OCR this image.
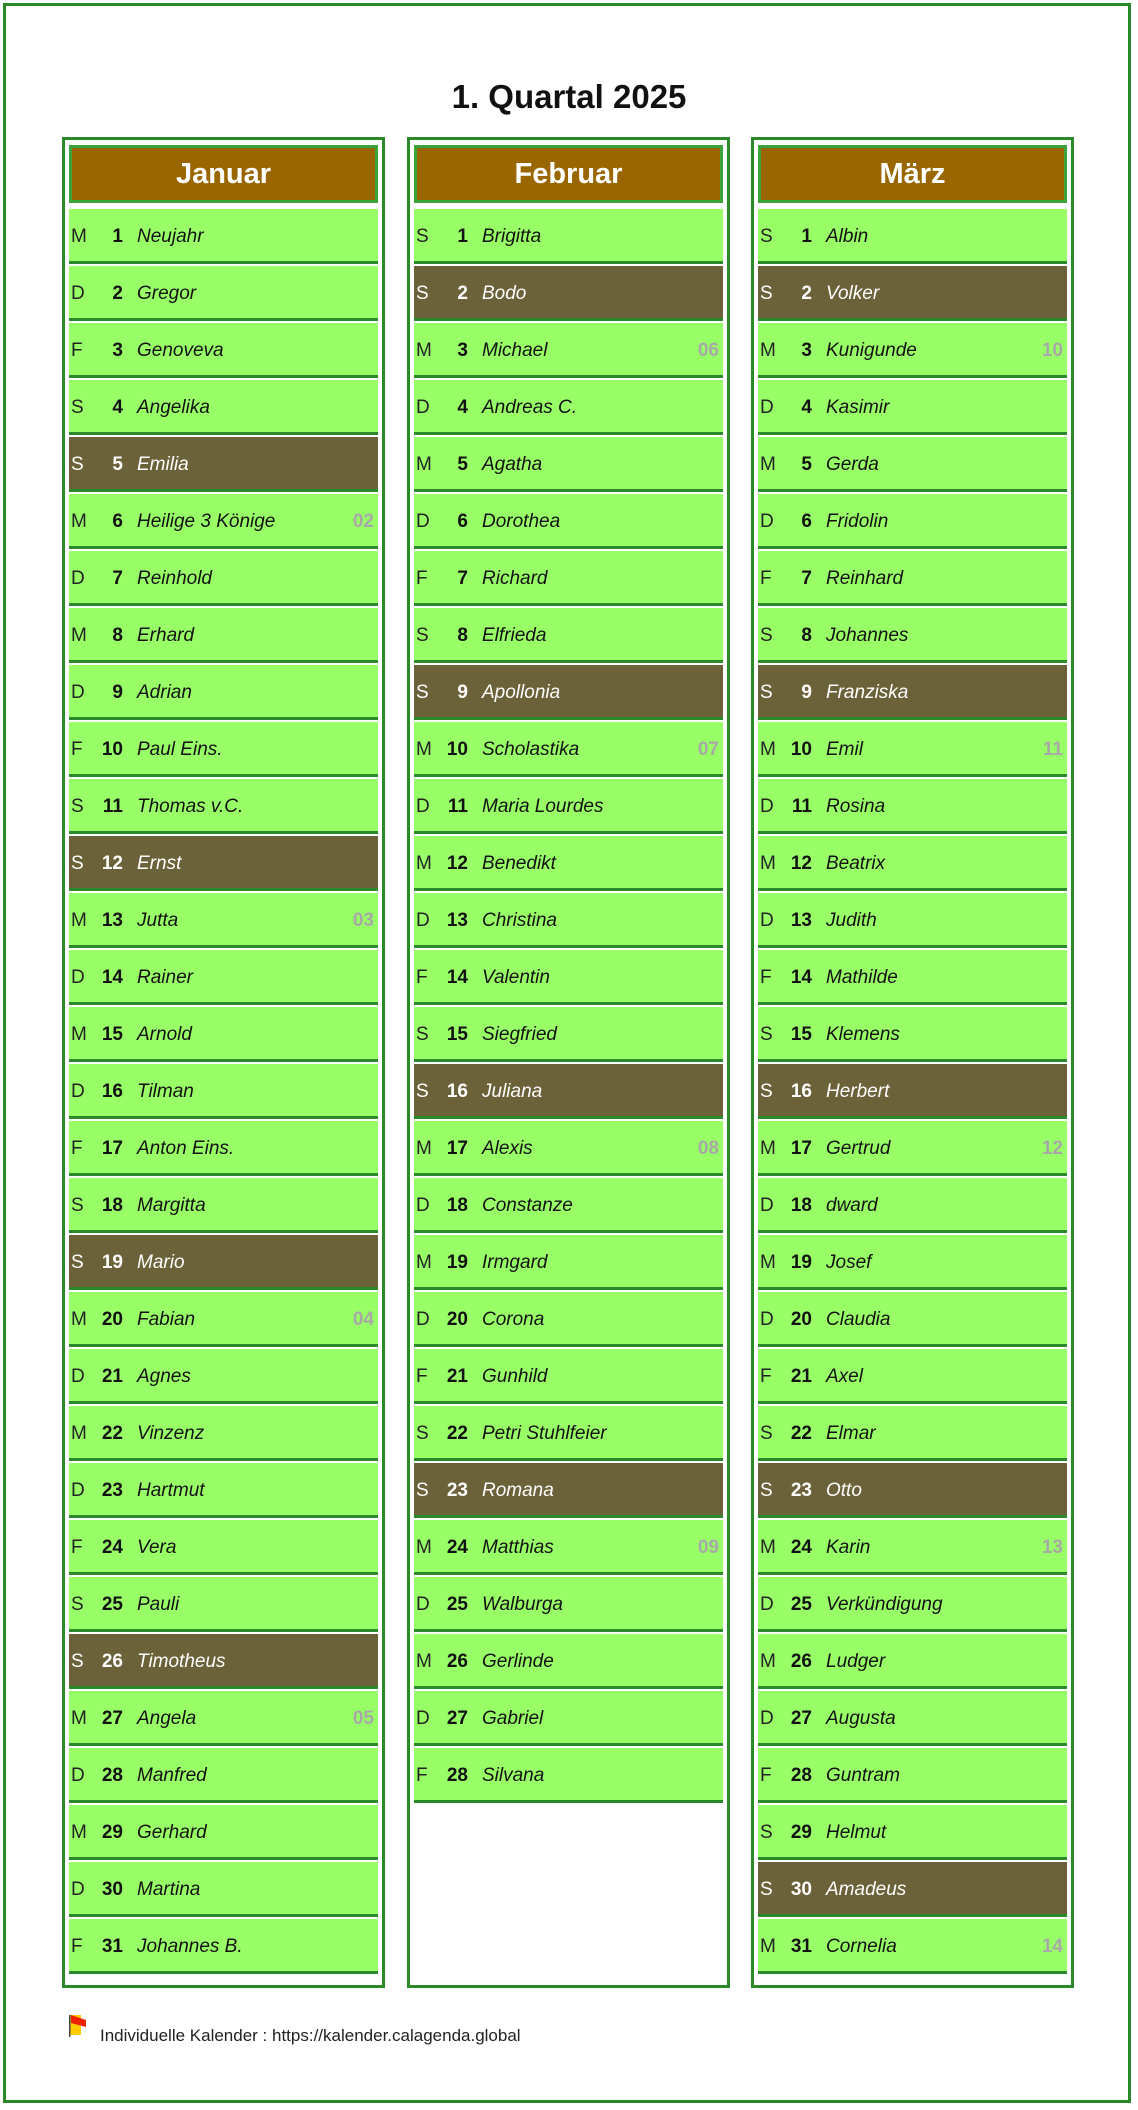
1. Quartal 2025
Januar
M	1 Neujahr
D	2 Gregor
F	3 Genoveva
S	4 Angelika
S	5 Emilia
M	6 Heilige 3 Könige	02
D	7 Reinhold
M	8 Erhard
D	9 Adrian
F 10 Paul Eins.
S	11 Thomas v.C.
S 12 Ernst
M 13 Jutta	03
D 14 Rainer
M 15 Arnold
D 16 Tilman
F 17 Anton Eins.
S 18 Margitta
S 19 Mario
M 20 Fabian	04
D 21 Agnes
M 22 Vinzenz
D 23 Hartmut
F 24 Vera
S 25 Pauli
S 26 Timotheus
M 27 Angela	05
D 28 Manfred
M 29 Gerhard
D 30 Martina
F 31 Johannes B.
Februar
S	1 Brigitta
S	2 Bodo
M	3 Michael	06
D	4 Andreas C.
M	5 Agatha
D	6 Dorothea
F	7 Richard
S	8 Elfrieda
S	9 Apollonia
M 10 Scholastika	07
D 11 Maria Lourdes
M 12 Benedikt
D 13 Christina
F 14 Valentin
S 15 Siegfried
S 16 Juliana
M 17 Alexis	08
D 18 Constanze
M 19 Irmgard
D 20 Corona
F 21 Gunhild
S 22 Petri Stuhlfeier
S 23 Romana
M 24 Matthias	09
D 25 Walburga
M 26 Gerlinde
D 27 Gabriel
F 28 Silvana
März
S	1 Albin
S	2 Volker
M	3 Kunigunde	10
D	4 Kasimir
M	5 Gerda
D	6 Fridolin
F	7 Reinhard
S	8 Johannes
S	9 Franziska
M 10 Emil	11
D 11 Rosina
M 12 Beatrix
D 13 Judith
F 14 Mathilde
S 15 Klemens
S 16 Herbert
M 17 Gertrud	12
D 18 dward
M 19 Josef
D 20 Claudia
F 21 Axel
S 22 Elmar
S 23 Otto
M 24 Karin	13
D 25 Verkündigung
M 26 Ludger
D 27 Augusta
F 28 Guntram
S 29 Helmut
S 30 Amadeus
M 31 Cornelia	14
Individuelle Kalender : https://kalender.calagenda.global
